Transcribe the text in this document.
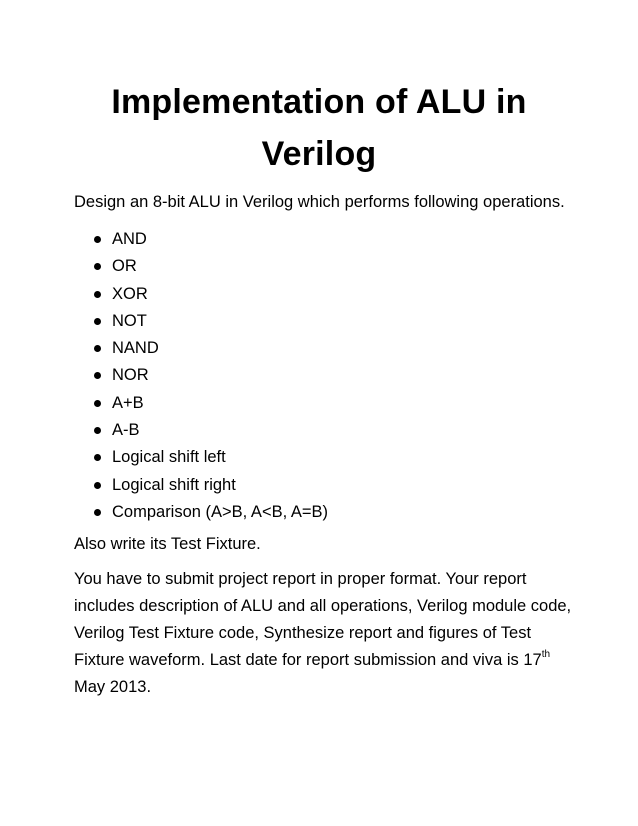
Implementation of ALU in
Verilog

Design an 8-bit ALU in Verilog which performs following operations.

AND
OR
XOR
NOT
NAND
NOR
A+B
A-B
Logical shift left
Logical shift right
Comparison (A>B, A<B, A=B)

Also write its Test Fixture.

You have to submit project report in proper format. Your report includes description of ALU and all operations, Verilog module code, Verilog Test Fixture code, Synthesize report and figures of Test Fixture waveform. Last date for report submission and viva is 17th May 2013.
